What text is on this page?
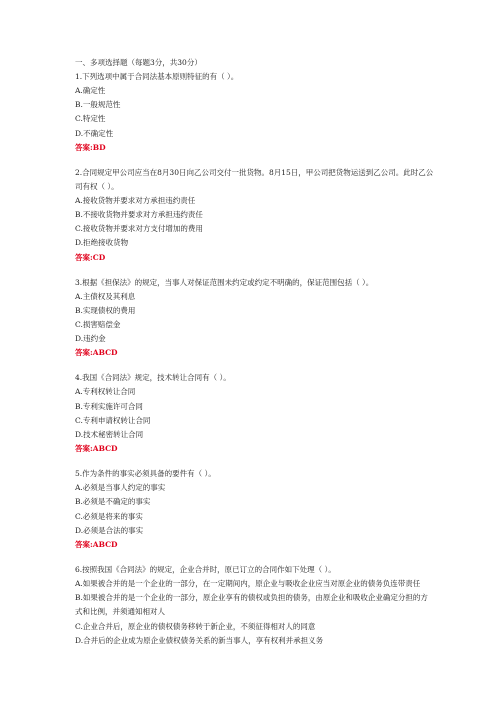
一、多项选择题（每题3分，共30分）
1.下列选项中属于合同法基本原则特征的有（ ）。
A.确定性
B.一般规范性
C.特定性
D.不确定性
答案:BD
2.合同规定甲公司应当在8月30日向乙公司交付一批货物。8月15日，甲公司把货物运送到乙公司。此时乙公司有权（ ）。
A.接收货物并要求对方承担违约责任
B.不接收货物并要求对方承担违约责任
C.接收货物并要求对方支付增加的费用
D.拒绝接收货物
答案:CD
3.根据《担保法》的规定，当事人对保证范围未约定或约定不明确的，保证范围包括（ ）。
A.主债权及其利息
B.实现债权的费用
C.损害赔偿金
D.违约金
答案:ABCD
4.我国《合同法》规定，技术转让合同有（ ）。
A.专利权转让合同
B.专利实施许可合同
C.专利申请权转让合同
D.技术秘密转让合同
答案:ABCD
5.作为条件的事实必须具备的要件有（ ）。
A.必须是当事人约定的事实
B.必须是不确定的事实
C.必须是将来的事实
D.必须是合法的事实
答案:ABCD
6.按照我国《合同法》的规定，企业合并时，原已订立的合同作如下处理（ ）。
A.如果被合并的是一个企业的一部分，在一定期间内，原企业与吸收企业应当对原企业的债务负连带责任
B.如果被合并的是一个企业的一部分，原企业享有的债权或负担的债务，由原企业和吸收企业确定分担的方式和比例，并须通知相对人
C.企业合并后，原企业的债权债务移转于新企业，不须征得相对人的同意
D.合并后的企业成为原企业债权债务关系的新当事人，享有权利并承担义务
